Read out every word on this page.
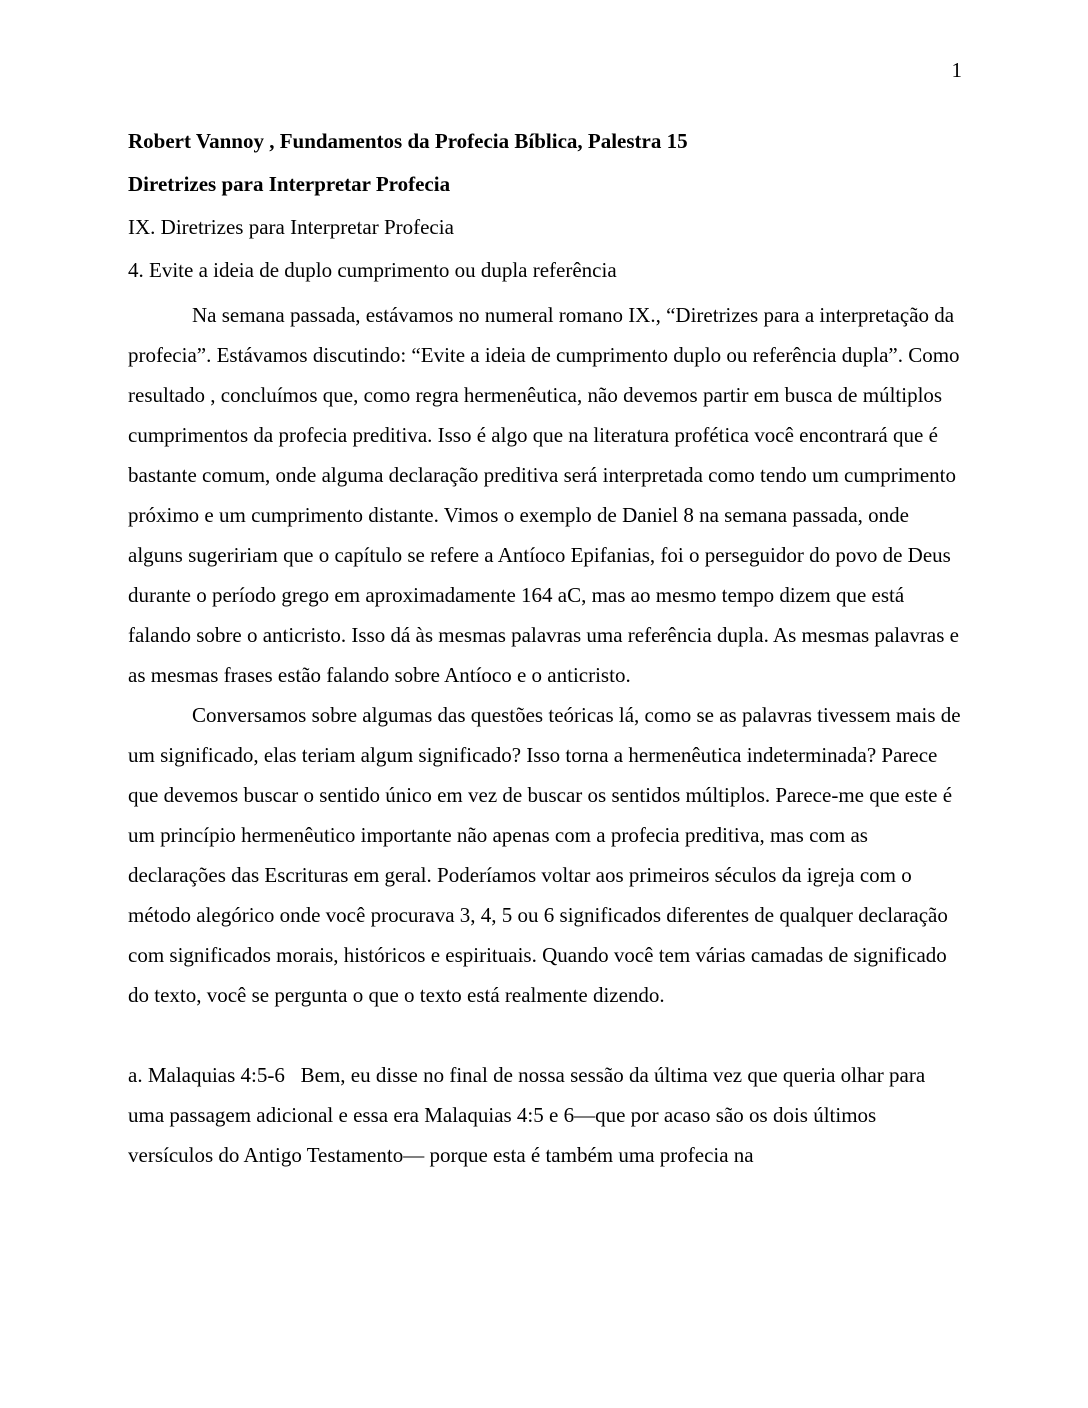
1

Robert Vannoy , Fundamentos da Profecia Bíblica, Palestra 15

Diretrizes para Interpretar Profecia

IX. Diretrizes para Interpretar Profecia

4. Evite a ideia de duplo cumprimento ou dupla referência

Na semana passada, estávamos no numeral romano IX., “Diretrizes para a interpretação da profecia”. Estávamos discutindo: “Evite a ideia de cumprimento duplo ou referência dupla”. Como resultado , concluímos que, como regra hermenêutica, não devemos partir em busca de múltiplos cumprimentos da profecia preditiva. Isso é algo que na literatura profética você encontrará que é bastante comum, onde alguma declaração preditiva será interpretada como tendo um cumprimento próximo e um cumprimento distante. Vimos o exemplo de Daniel 8 na semana passada, onde alguns sugeririam que o capítulo se refere a Antíoco Epifanias, foi o perseguidor do povo de Deus durante o período grego em aproximadamente 164 aC, mas ao mesmo tempo dizem que está falando sobre o anticristo. Isso dá às mesmas palavras uma referência dupla. As mesmas palavras e as mesmas frases estão falando sobre Antíoco e o anticristo.

Conversamos sobre algumas das questões teóricas lá, como se as palavras tivessem mais de um significado, elas teriam algum significado? Isso torna a hermenêutica indeterminada? Parece que devemos buscar o sentido único em vez de buscar os sentidos múltiplos. Parece-me que este é um princípio hermenêutico importante não apenas com a profecia preditiva, mas com as declarações das Escrituras em geral. Poderíamos voltar aos primeiros séculos da igreja com o método alegórico onde você procurava 3, 4, 5 ou 6 significados diferentes de qualquer declaração com significados morais, históricos e espirituais. Quando você tem várias camadas de significado do texto, você se pergunta o que o texto está realmente dizendo.

a. Malaquias 4:5-6   Bem, eu disse no final de nossa sessão da última vez que queria olhar para uma passagem adicional e essa era Malaquias 4:5 e 6—que por acaso são os dois últimos versículos do Antigo Testamento— porque esta é também uma profecia na
